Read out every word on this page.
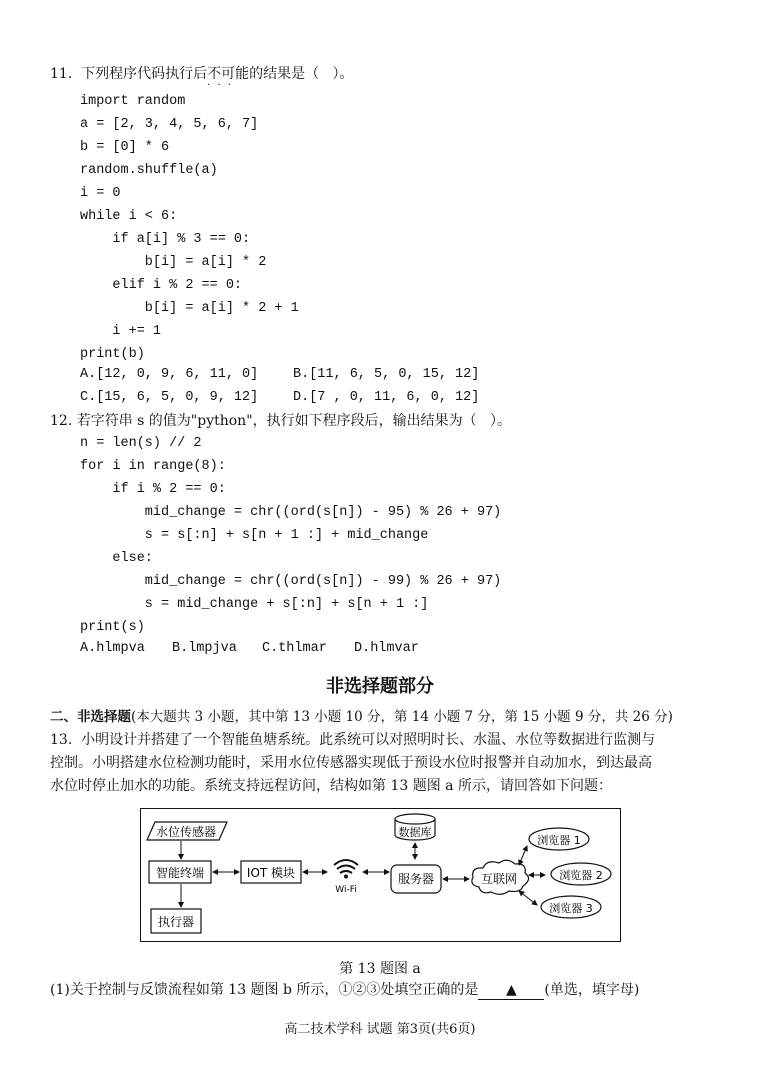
11. 下列程序代码执行后不可能 · · ·的结果是（   ）。
import random
a = [2, 3, 4, 5, 6, 7]
b = [0] * 6
random.shuffle(a)
i = 0
while i < 6:
if a[i] % 3 == 0:
b[i] = a[i] * 2
elif i % 2 == 0:
b[i] = a[i] * 2 + 1
i += 1
print(b)
A.[12, 0, 9, 6, 11, 0]	B.[11, 6, 5, 0, 15, 12]
C.[15, 6, 5, 0, 9, 12]	D.[7 , 0, 11, 6, 0, 12]
12. 若字符串 s 的值为"python"，执行如下程序段后，输出结果为（   ）。
n = len(s) // 2
for i in range(8):
if i % 2 == 0:
mid_change = chr((ord(s[n]) - 95) % 26 + 97)
s = s[:n] + s[n + 1 :] + mid_change
else:
mid_change = chr((ord(s[n]) - 99) % 26 + 97)
s = mid_change + s[:n] + s[n + 1 :]
print(s)
A.hlmpva B.lmpjva C.thlmar D.hlmvar
非选择题部分
二、非选择题(本大题共 3 小题，其中第 13 小题 10 分，第 14 小题 7 分，第 15 小题 9 分，共 26 分)
13.  小明设计并搭建了一个智能鱼塘系统。此系统可以对照明时长、水温、水位等数据进行监测与
控制。小明搭建水位检测功能时，采用水位传感器实现低于预设水位时报警并自动加水，到达最高
水位时停止加水的功能。系统支持远程访问，结构如第 13 题图 a 所示，请回答如下问题：
水位传感器
智能终端
执行器
IOT 模块
Wi-Fi
数据库
服务器	互联网
浏览器 1
浏览器 2
浏览器 3
第 13 题图 a
(1)关于控制与反馈流程如第 13 题图 b 所示，①②③处填空正确的是 ▲ (单选，填字母)
高二技术学科 试题 第3页(共6页)
